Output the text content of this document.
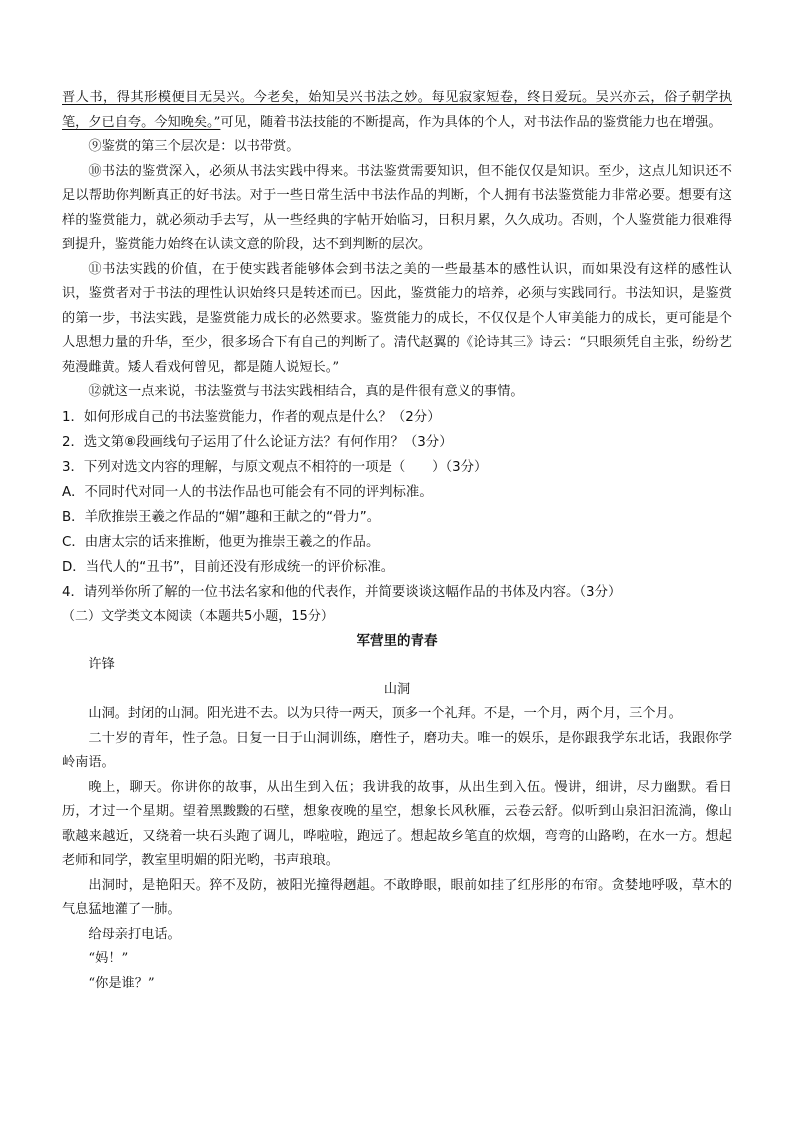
晋人书，得其形模便目无吴兴。今老矣，始知吴兴书法之妙。每见寂家短卷，终日爱玩。吴兴亦云，俗子朝学执笔，夕已自夸。今知晚矣。”可见，随着书法技能的不断提高，作为具体的个人，对书法作品的鉴赏能力也在增强。

⑨鉴赏的第三个层次是：以书带赏。

⑩书法的鉴赏深入，必须从书法实践中得来。书法鉴赏需要知识，但不能仅仅是知识。至少，这点儿知识还不足以帮助你判断真正的好书法。对于一些日常生活中书法作品的判断，个人拥有书法鉴赏能力非常必要。想要有这样的鉴赏能力，就必须动手去写，从一些经典的字帖开始临习，日积月累，久久成功。否则，个人鉴赏能力很难得到提升，鉴赏能力始终在认读文意的阶段，达不到判断的层次。

⑪书法实践的价值，在于使实践者能够体会到书法之美的一些最基本的感性认识，而如果没有这样的感性认识，鉴赏者对于书法的理性认识始终只是转述而已。因此，鉴赏能力的培养，必须与实践同行。书法知识，是鉴赏的第一步，书法实践，是鉴赏能力成长的必然要求。鉴赏能力的成长，不仅仅是个人审美能力的成长，更可能是个人思想力量的升华，至少，很多场合下有自己的判断了。清代赵翼的《论诗其三》诗云：“只眼须凭自主张，纷纷艺苑漫雌黄。矮人看戏何曾见，都是随人说短长。”

⑫就这一点来说，书法鉴赏与书法实践相结合，真的是件很有意义的事情。

1．如何形成自己的书法鉴赏能力，作者的观点是什么？（2分）

2．选文第⑧段画线句子运用了什么论证方法？有何作用？（3分）

3．下列对选文内容的理解，与原文观点不相符的一项是（　　）（3分）

A．不同时代对同一人的书法作品也可能会有不同的评判标准。

B．羊欣推崇王羲之作品的“媚”趣和王献之的“骨力”。

C．由唐太宗的话来推断，他更为推崇王羲之的作品。

D．当代人的“丑书”，目前还没有形成统一的评价标准。

4．请列举你所了解的一位书法名家和他的代表作，并简要谈谈这幅作品的书体及内容。（3分）

（二）文学类文本阅读（本题共5小题，15分）

军营里的青春

许锋

山洞

山洞。封闭的山洞。阳光进不去。以为只待一两天，顶多一个礼拜。不是，一个月，两个月，三个月。

二十岁的青年，性子急。日复一日于山洞训练，磨性子，磨功夫。唯一的娱乐，是你跟我学东北话，我跟你学岭南语。

晚上，聊天。你讲你的故事，从出生到入伍；我讲我的故事，从出生到入伍。慢讲，细讲，尽力幽默。看日历，才过一个星期。望着黑黢黢的石壁，想象夜晚的星空，想象长风秋雁，云卷云舒。似听到山泉汩汩流淌，像山歌越来越近，又绕着一块石头跑了调儿，哗啦啦，跑远了。想起故乡笔直的炊烟，弯弯的山路哟，在水一方。想起老师和同学，教室里明媚的阳光哟，书声琅琅。

出洞时，是艳阳天。猝不及防，被阳光撞得趔趄。不敢睁眼，眼前如挂了红彤彤的布帘。贪婪地呼吸，草木的气息猛地灌了一肺。

给母亲打电话。

“妈！”

“你是谁？”
